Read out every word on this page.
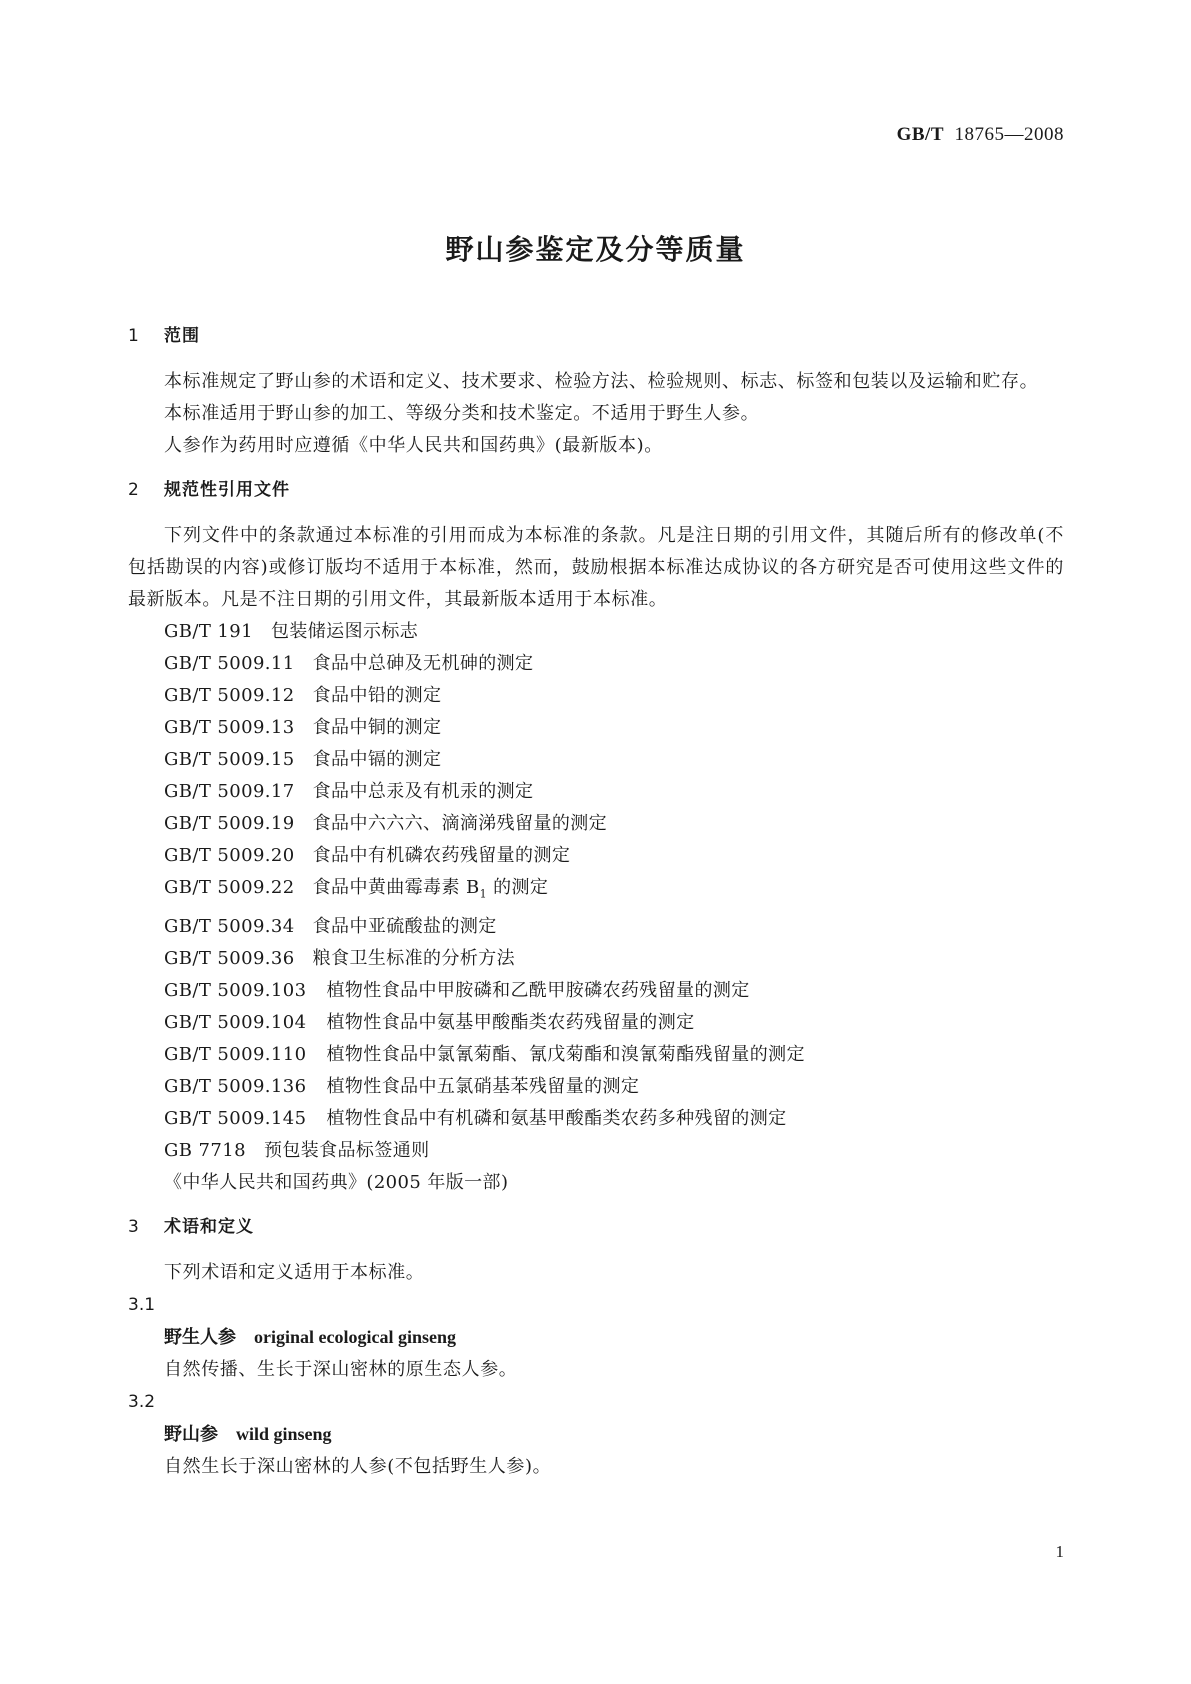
GB/T 18765—2008
野山参鉴定及分等质量
1 范围
本标准规定了野山参的术语和定义、技术要求、检验方法、检验规则、标志、标签和包装以及运输和贮存。
本标准适用于野山参的加工、等级分类和技术鉴定。不适用于野生人参。
人参作为药用时应遵循《中华人民共和国药典》(最新版本)。
2 规范性引用文件
下列文件中的条款通过本标准的引用而成为本标准的条款。凡是注日期的引用文件，其随后所有的修改单(不包括勘误的内容)或修订版均不适用于本标准，然而，鼓励根据本标准达成协议的各方研究是否可使用这些文件的最新版本。凡是不注日期的引用文件，其最新版本适用于本标准。
GB/T 191 包装储运图示标志
GB/T 5009.11 食品中总砷及无机砷的测定
GB/T 5009.12 食品中铅的测定
GB/T 5009.13 食品中铜的测定
GB/T 5009.15 食品中镉的测定
GB/T 5009.17 食品中总汞及有机汞的测定
GB/T 5009.19 食品中六六六、滴滴涕残留量的测定
GB/T 5009.20 食品中有机磷农药残留量的测定
GB/T 5009.22 食品中黄曲霉毒素 $B_1$ 的测定
GB/T 5009.34 食品中亚硫酸盐的测定
GB/T 5009.36 粮食卫生标准的分析方法
GB/T 5009.103 植物性食品中甲胺磷和乙酰甲胺磷农药残留量的测定
GB/T 5009.104 植物性食品中氨基甲酸酯类农药残留量的测定
GB/T 5009.110 植物性食品中氯氰菊酯、氰戊菊酯和溴氰菊酯残留量的测定
GB/T 5009.136 植物性食品中五氯硝基苯残留量的测定
GB/T 5009.145 植物性食品中有机磷和氨基甲酸酯类农药多种残留的测定
GB 7718 预包装食品标签通则
《中华人民共和国药典》(2005 年版一部)
3 术语和定义
下列术语和定义适用于本标准。
3.1
野生人参 original ecological ginseng
自然传播、生长于深山密林的原生态人参。
3.2
野山参 wild ginseng
自然生长于深山密林的人参(不包括野生人参)。
1
